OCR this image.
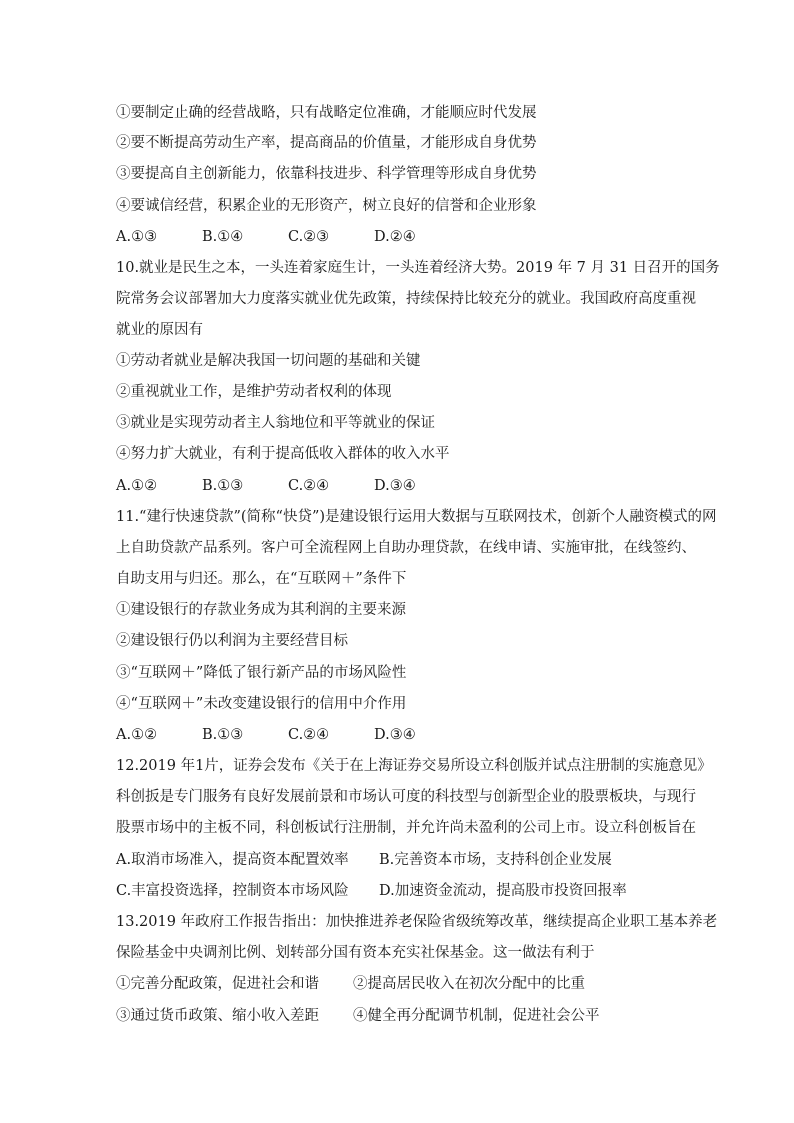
①要制定止确的经营战略，只有战略定位准确，才能顺应时代发展
②要不断提高劳动生产率，提高商品的价值量，才能形成自身优势
③要提高自主创新能力，依靠科技进步、科学管理等形成自身优势
④要诚信经营，积累企业的无形资产，树立良好的信誉和企业形象
A.①③	B.①④	C.②③	D.②④
10.就业是民生之本，一头连着家庭生计，一头连着经济大势。2019 年 7 月 31 日召开的国务
院常务会议部署加大力度落实就业优先政策，持续保持比较充分的就业。我国政府高度重视
就业的原因有
①劳动者就业是解决我国一切问题的基础和关键
②重视就业工作，是维护劳动者权利的体现
③就业是实现劳动者主人翁地位和平等就业的保证
④努力扩大就业，有利于提高低收入群体的收入水平
A.①②	B.①③	C.②④	D.③④
11.“建行快速贷款”(简称“快贷”)是建设银行运用大数据与互联网技术，创新个人融资模式的网
上自助贷款产品系列。客户可全流程网上自助办理贷款，在线申请、实施审批，在线签约、
自助支用与归还。那么，在“互联网＋”条件下
①建设银行的存款业务成为其利润的主要来源
②建设银行仍以利润为主要经营目标
③“互联网＋”降低了银行新产品的市场风险性
④“互联网＋”未改变建设银行的信用中介作用
A.①②	B.①③	C.②④	D.③④
12.2019 年1片，证券会发布《关于在上海证券交易所设立科创版并试点注册制的实施意见》
科创扳是专门服务有良好发展前景和市场认可度的科技型与创新型企业的股票板块，与现行
股票市场中的主板不同，科创板试行注册制，并允许尚未盈利的公司上市。设立科创板旨在
A.取消市场准入，提高资本配置效率	B.完善资本市场，支持科创企业发展
C.丰富投资选择，控制资本市场风险	D.加速资金流动，提高股市投资回报率
13.2019 年政府工作报告指出：加快推进养老保险省级统筹改革，继续提高企业职工基本养老
保险基金中央调剂比例、划转部分国有资本充实社保基金。这一做法有利于
①完善分配政策，促进社会和谐	②提高居民收入在初次分配中的比重
③通过货币政策、缩小收入差距	④健全再分配调节机制，促进社会公平
